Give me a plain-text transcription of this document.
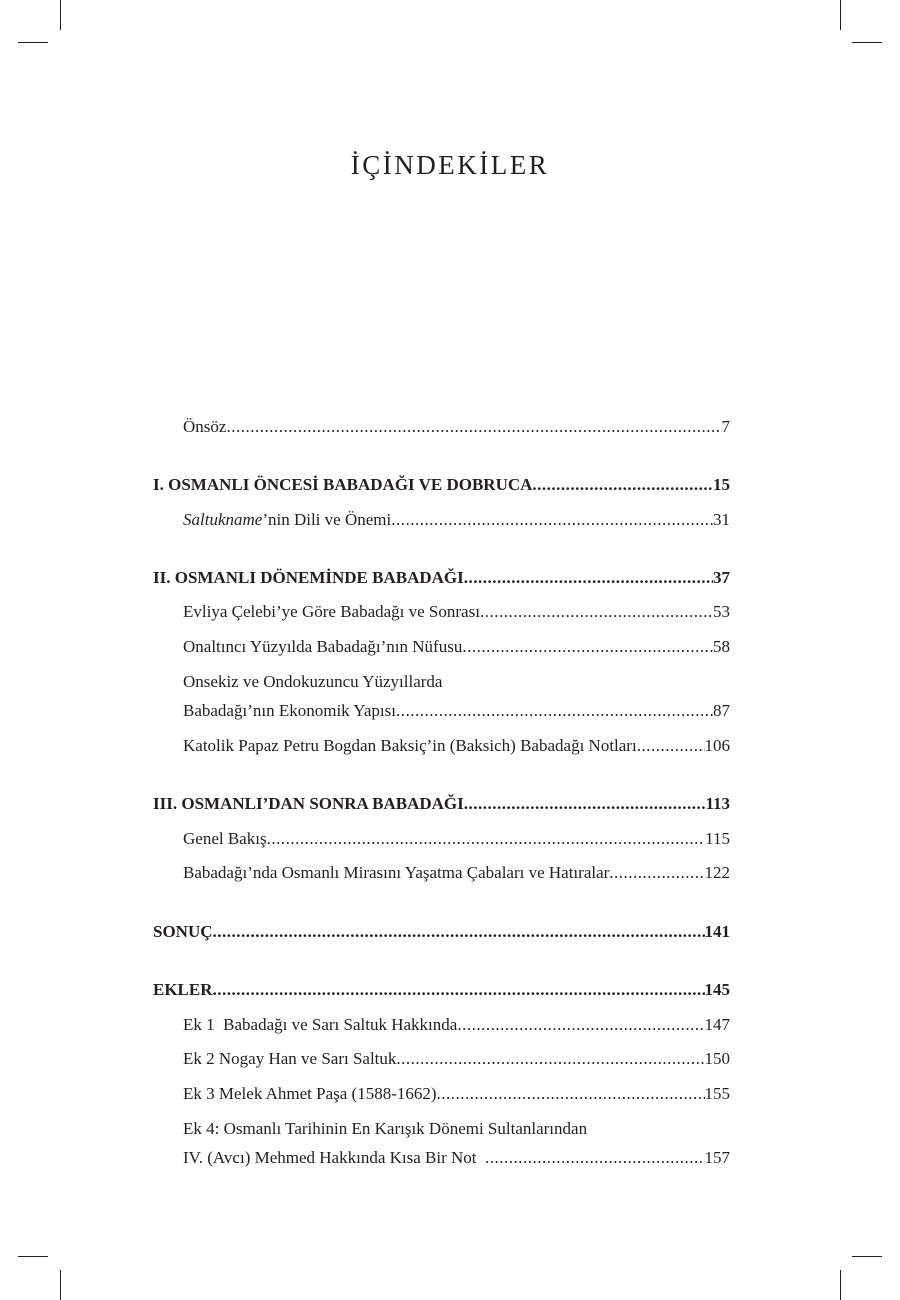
İÇİNDEKİLER
Önsöz .....	7
I. OSMANLI ÖNCESİ BABADAĞI VE DOBRUCA .....	15
Saltukname’nin Dili ve Önemi .....	31
II. OSMANLI DÖNEMİNDE BABADAĞI .....	37
Evliya Çelebi’ye Göre Babadağı ve Sonrası .....	53
Onaltıncı Yüzyılda Babadağı’nın Nüfusu .....	58
Onsekiz ve Ondokuzuncu Yüzyıllarda
Babadağı’nın Ekonomik Yapısı .....	87
Katolik Papaz Petru Bogdan Baksiç’in (Baksich) Babadağı Notları .....	106
III. OSMANLI’DAN SONRA BABADAĞI .....	113
Genel Bakış .....	115
Babadağı’nda Osmanlı Mirasını Yaşatma Çabaları ve Hatıralar .....	122
SONUÇ .....	141
EKLER .....	145
Ek 1  Babadağı ve Sarı Saltuk Hakkında .....	147
Ek 2 Nogay Han ve Sarı Saltuk .....	150
Ek 3 Melek Ahmet Paşa (1588-1662) .....	155
Ek 4: Osmanlı Tarihinin En Karışık Dönemi Sultanlarından
IV. (Avcı) Mehmed Hakkında Kısa Bir Not .....	157
